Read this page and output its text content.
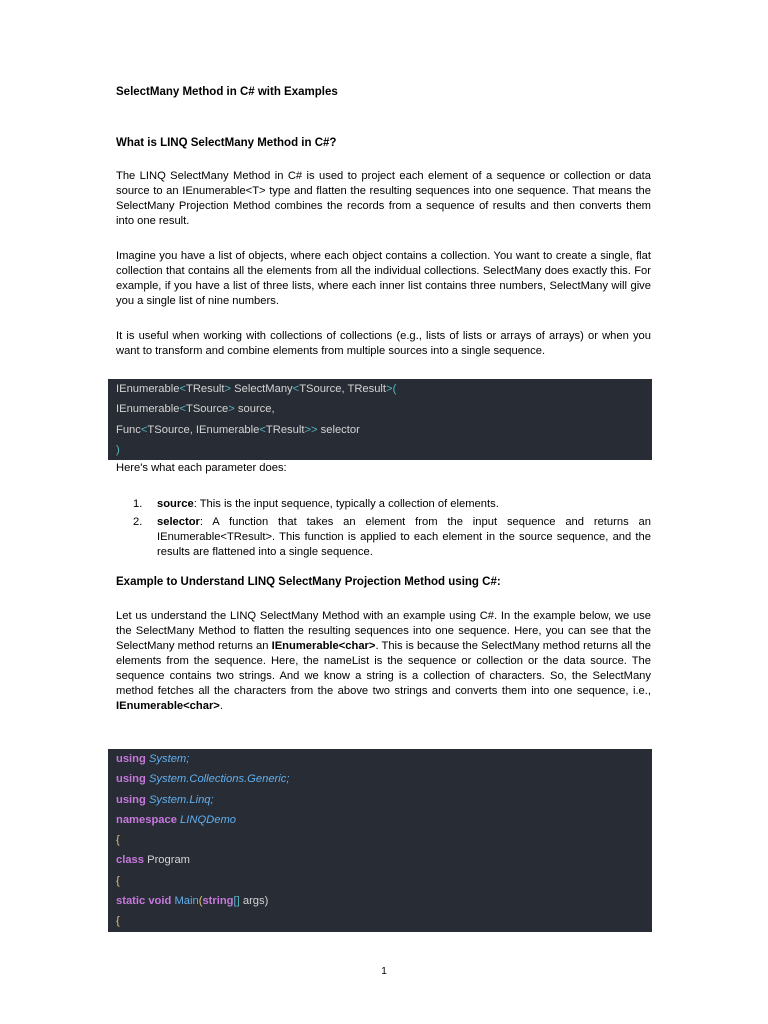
SelectMany Method in C# with Examples
What is LINQ SelectMany Method in C#?
The LINQ SelectMany Method in C# is used to project each element of a sequence or collection or data source to an IEnumerable<T> type and flatten the resulting sequences into one sequence. That means the SelectMany Projection Method combines the records from a sequence of results and then converts them into one result.
Imagine you have a list of objects, where each object contains a collection. You want to create a single, flat collection that contains all the elements from all the individual collections. SelectMany does exactly this. For example, if you have a list of three lists, where each inner list contains three numbers, SelectMany will give you a single list of nine numbers.
It is useful when working with collections of collections (e.g., lists of lists or arrays of arrays) or when you want to transform and combine elements from multiple sources into a single sequence.
IEnumerable<TResult> SelectMany<TSource, TResult>(
IEnumerable<TSource> source,
Func<TSource, IEnumerable<TResult>> selector
)
Here's what each parameter does:
1. source: This is the input sequence, typically a collection of elements.
2. selector: A function that takes an element from the input sequence and returns an IEnumerable<TResult>. This function is applied to each element in the source sequence, and the results are flattened into a single sequence.
Example to Understand LINQ SelectMany Projection Method using C#:
Let us understand the LINQ SelectMany Method with an example using C#. In the example below, we use the SelectMany Method to flatten the resulting sequences into one sequence. Here, you can see that the SelectMany method returns an IEnumerable<char>. This is because the SelectMany method returns all the elements from the sequence. Here, the nameList is the sequence or collection or the data source. The sequence contains two strings. And we know a string is a collection of characters. So, the SelectMany method fetches all the characters from the above two strings and converts them into one sequence, i.e., IEnumerable<char>.
using System;
using System.Collections.Generic;
using System.Linq;
namespace LINQDemo
{
class Program
{
static void Main(string[] args)
{
1
